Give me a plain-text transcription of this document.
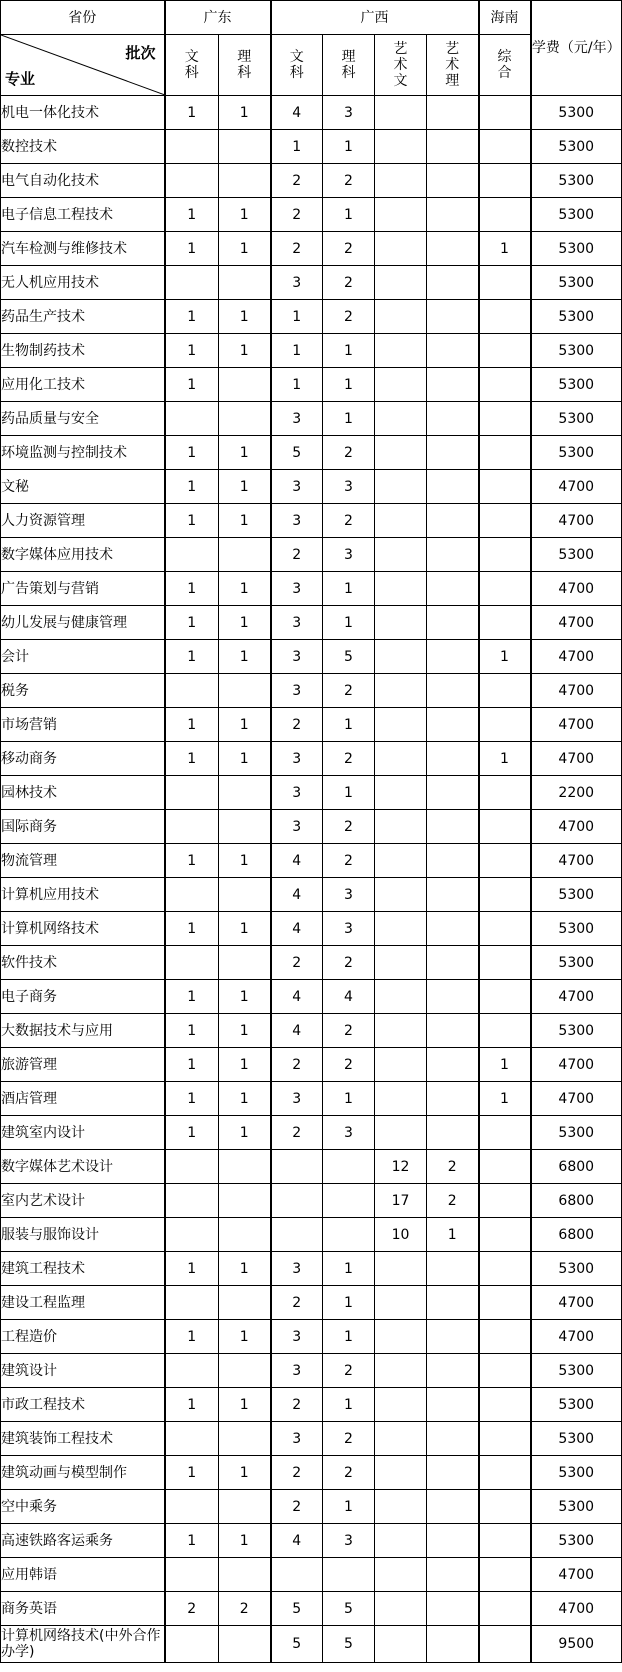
省份	广东		广西				海南	学费（元/年）

批次
专业	文科	理科	文科	理科	艺术文	艺术理	综合	
机电一体化技术	1	1	4	3				5300
数控技术			1	1				5300
电气自动化技术			2	2				5300
电子信息工程技术	1	1	2	1				5300
汽车检测与维修技术	1	1	2	2			1	5300
无人机应用技术			3	2				5300
药品生产技术	1	1	1	2				5300
生物制药技术	1	1	1	1				5300
应用化工技术	1		1	1				5300
药品质量与安全			3	1				5300
环境监测与控制技术	1	1	5	2				5300
文秘	1	1	3	3				4700
人力资源管理	1	1	3	2				4700
数字媒体应用技术			2	3				5300
广告策划与营销	1	1	3	1				4700
幼儿发展与健康管理	1	1	3	1				4700
会计	1	1	3	5			1	4700
税务			3	2				4700
市场营销	1	1	2	1				4700
移动商务	1	1	3	2			1	4700
园林技术			3	1				2200
国际商务			3	2				4700
物流管理	1	1	4	2				4700
计算机应用技术			4	3				5300
计算机网络技术	1	1	4	3				5300
软件技术			2	2				5300
电子商务	1	1	4	4				4700
大数据技术与应用	1	1	4	2				5300
旅游管理	1	1	2	2			1	4700
酒店管理	1	1	3	1			1	4700
建筑室内设计	1	1	2	3				5300
数字媒体艺术设计					12	2		6800
室内艺术设计					17	2		6800
服装与服饰设计					10	1		6800
建筑工程技术	1	1	3	1				5300
建设工程监理			2	1				4700
工程造价	1	1	3	1				4700
建筑设计			3	2				5300
市政工程技术	1	1	2	1				5300
建筑装饰工程技术			3	2				5300
建筑动画与模型制作	1	1	2	2				5300
空中乘务			2	1				5300
高速铁路客运乘务	1	1	4	3				5300
应用韩语								4700
商务英语	2	2	5	5				4700
计算机网络技术(中外合作办学)			5	5				9500
